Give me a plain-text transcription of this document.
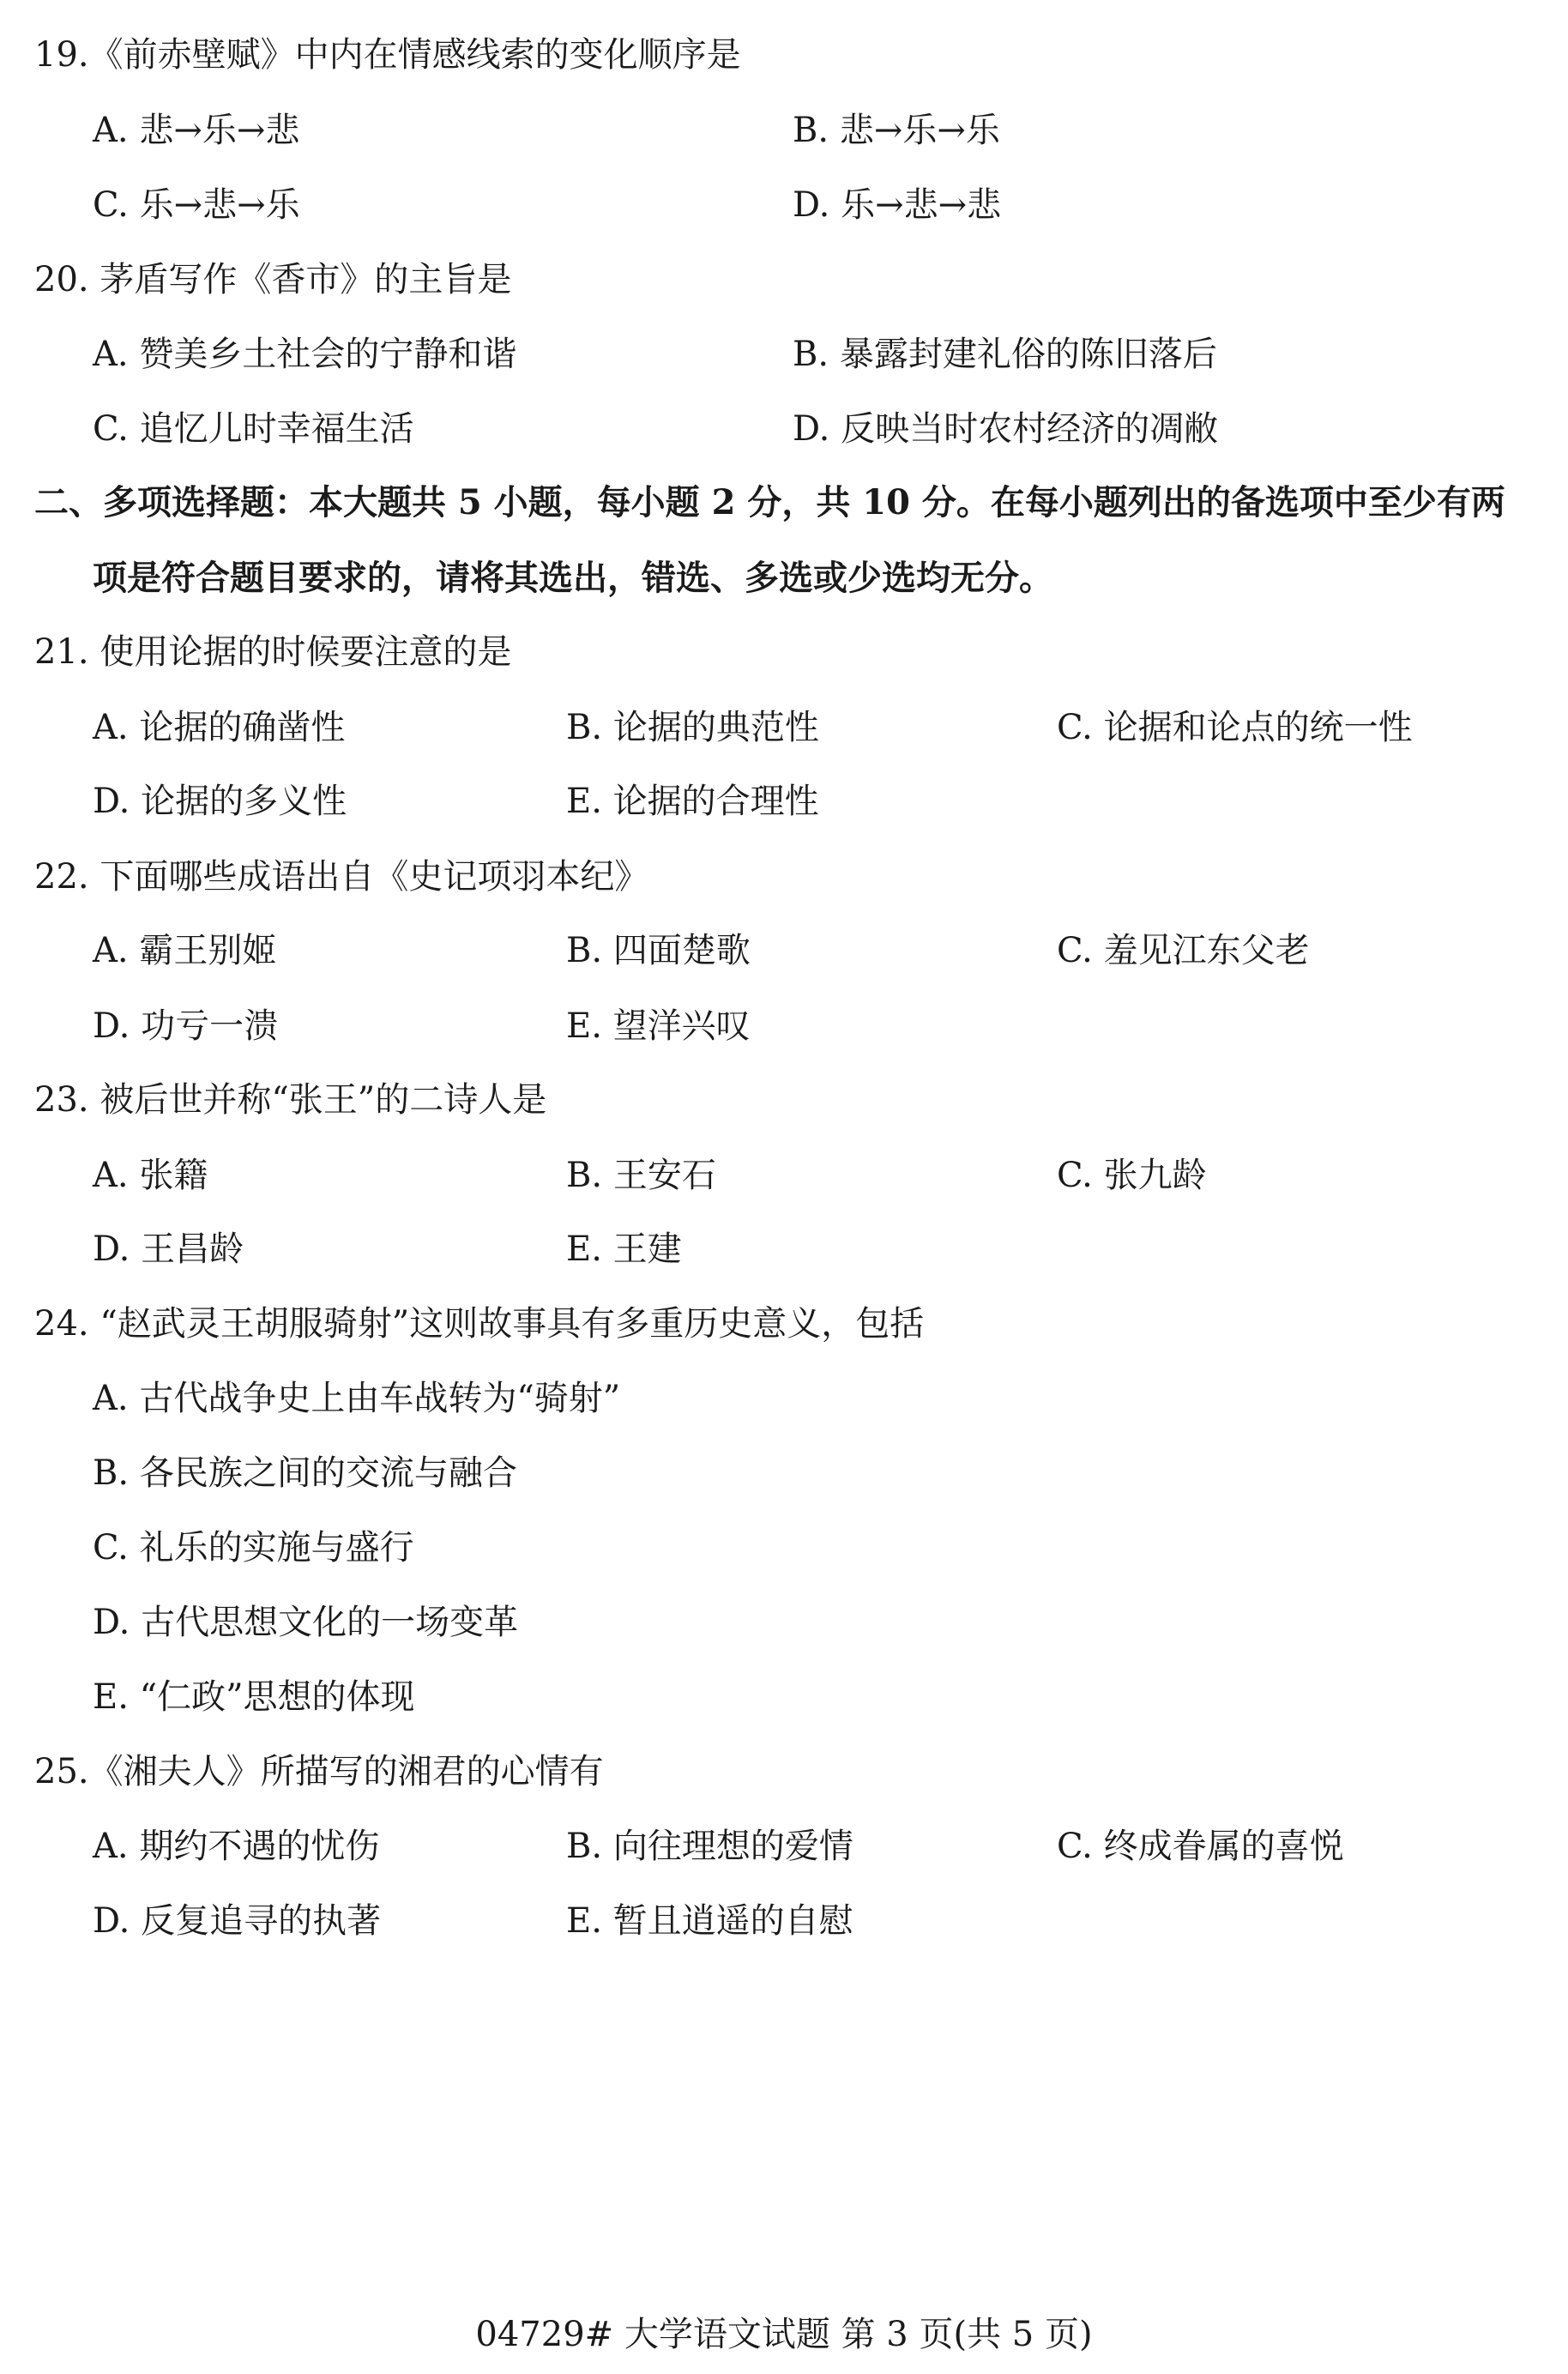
19.《前赤壁赋》中内在情感线索的变化顺序是
A. 悲→乐→悲	B. 悲→乐→乐
C. 乐→悲→乐	D. 乐→悲→悲
20. 茅盾写作《香市》的主旨是
A. 赞美乡土社会的宁静和谐	B. 暴露封建礼俗的陈旧落后
C. 追忆儿时幸福生活	D. 反映当时农村经济的凋敝
二、多项选择题：本大题共 5 小题，每小题 2 分，共 10 分。在每小题列出的备选项中至少有两
项是符合题目要求的，请将其选出，错选、多选或少选均无分。
21. 使用论据的时候要注意的是
A. 论据的确凿性	B. 论据的典范性	C. 论据和论点的统一性
D. 论据的多义性	E. 论据的合理性
22. 下面哪些成语出自《史记项羽本纪》
A. 霸王别姬	B. 四面楚歌	C. 羞见江东父老
D. 功亏一溃	E. 望洋兴叹
23. 被后世并称“张王”的二诗人是
A. 张籍	B. 王安石	C. 张九龄
D. 王昌龄	E. 王建
24. “赵武灵王胡服骑射”这则故事具有多重历史意义，包括
A. 古代战争史上由车战转为“骑射”
B. 各民族之间的交流与融合
C. 礼乐的实施与盛行
D. 古代思想文化的一场变革
E. “仁政”思想的体现
25.《湘夫人》所描写的湘君的心情有
A. 期约不遇的忧伤	B. 向往理想的爱情	C. 终成眷属的喜悦
D. 反复追寻的执著	E. 暂且逍遥的自慰
04729# 大学语文试题 第 3 页(共 5 页)
